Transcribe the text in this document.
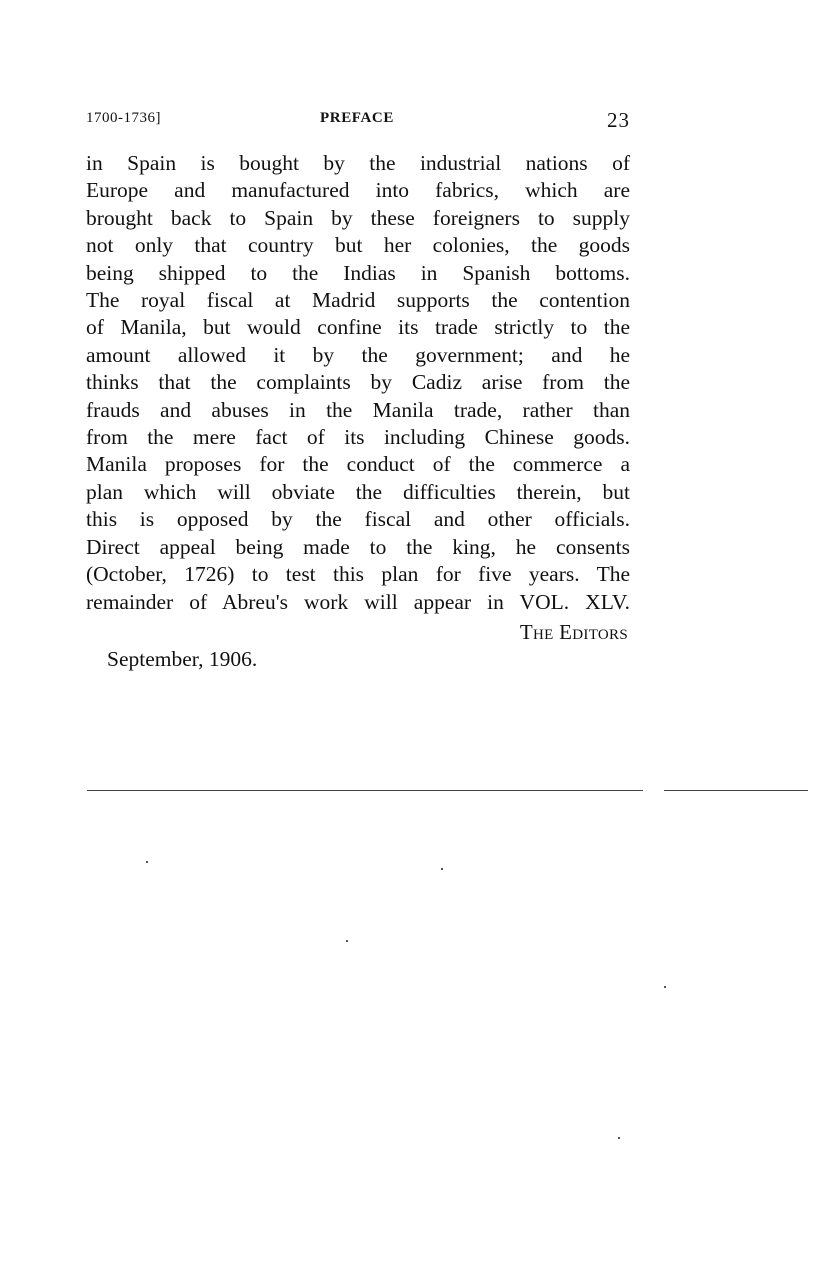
1700-1736]	PREFACE	23
in Spain is bought by the industrial nations of
Europe and manufactured into fabrics, which are
brought back to Spain by these foreigners to supply
not only that country but her colonies, the goods
being shipped to the Indias in Spanish bottoms.
The royal fiscal at Madrid supports the contention
of Manila, but would confine its trade strictly to the
amount allowed it by the government; and he
thinks that the complaints by Cadiz arise from the
frauds and abuses in the Manila trade, rather than
from the mere fact of its including Chinese goods.
Manila proposes for the conduct of the commerce a
plan which will obviate the difficulties therein, but
this is opposed by the fiscal and other officials.
Direct appeal being made to the king, he consents
(October, 1726) to test this plan for five years. The
remainder of Abreu's work will appear in VOL. XLV.
The Editors
September, 1906.
